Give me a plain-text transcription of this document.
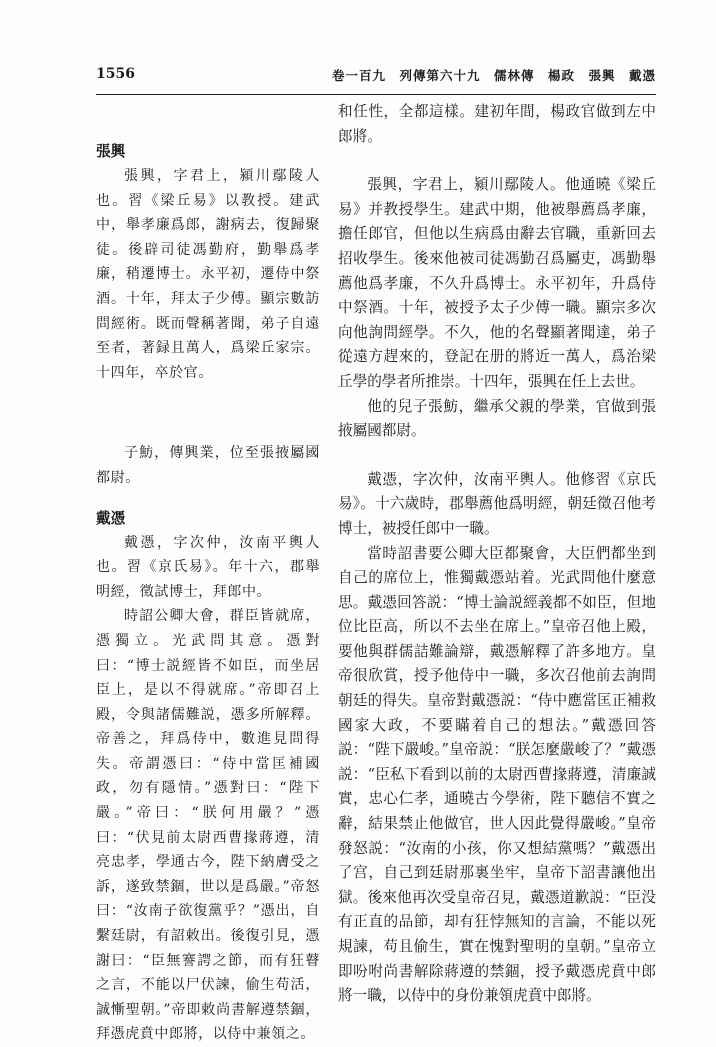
1556	卷一百九　列傳第六十九　儒林傳　楊政　張興　戴憑

張興

張興，字君上，潁川鄢陵人也。習《梁丘易》以教授。建武中，舉孝廉爲郎，謝病去，復歸聚徒。後辟司徒馮勤府，勤舉爲孝廉，稍遷博士。永平初，遷侍中祭酒。十年，拜太子少傅。顯宗數訪問經術。既而聲稱著聞，弟子自遠至者，著録且萬人，爲梁丘家宗。十四年，卒於官。

子魴，傳興業，位至張掖屬國都尉。

戴憑

戴憑，字次仲，汝南平輿人也。習《京氏易》。年十六，郡舉明經，徵試博士，拜郎中。

時詔公卿大會，群臣皆就席，憑獨立。光武問其意。憑對曰：“博士説經皆不如臣，而坐居臣上，是以不得就席。”帝即召上殿，令與諸儒難説，憑多所解釋。帝善之，拜爲侍中，數進見問得失。帝謂憑曰：“侍中當匡補國政，勿有隱情。”憑對曰：“陛下嚴。”帝曰：“朕何用嚴？”憑曰：“伏見前太尉西曹掾蔣遵，清亮忠孝，學通古今，陛下納膚受之訴，遂致禁錮，世以是爲嚴。”帝怒曰：“汝南子欲復黨乎？”憑出，自繫廷尉，有詔敕出。後復引見，憑謝曰：“臣無謇諤之節，而有狂瞽之言，不能以尸伏諫，偷生苟活，誠慚聖朝。”帝即敕尚書解遵禁錮，拜憑虎賁中郎將，以侍中兼領之。

和任性，全都這樣。建初年間，楊政官做到左中郎將。

張興，字君上，潁川鄢陵人。他通曉《梁丘易》并教授學生。建武中期，他被舉薦爲孝廉，擔任郎官，但他以生病爲由辭去官職，重新回去招收學生。後來他被司徒馮勤召爲屬吏，馮勤舉薦他爲孝廉，不久升爲博士。永平初年，升爲侍中祭酒。十年，被授予太子少傅一職。顯宗多次向他詢問經學。不久，他的名聲顯著聞達，弟子從遠方趕來的，登記在册的將近一萬人，爲治梁丘學的學者所推崇。十四年，張興在任上去世。

他的兒子張魴，繼承父親的學業，官做到張掖屬國都尉。

戴憑，字次仲，汝南平輿人。他修習《京氏易》。十六歲時，郡舉薦他爲明經，朝廷徵召他考博士，被授任郎中一職。

當時詔書要公卿大臣都聚會，大臣們都坐到自己的席位上，惟獨戴憑站着。光武問他什麼意思。戴憑回答説：“博士論説經義都不如臣，但地位比臣高，所以不去坐在席上。”皇帝召他上殿，要他與群儒詰難論辯，戴憑解釋了許多地方。皇帝很欣賞，授予他侍中一職，多次召他前去詢問朝廷的得失。皇帝對戴憑説：“侍中應當匡正補救國家大政，不要瞞着自己的想法。”戴憑回答説：“陛下嚴峻。”皇帝説：“朕怎麼嚴峻了？”戴憑説：“臣私下看到以前的太尉西曹掾蔣遵，清廉誠實，忠心仁孝，通曉古今學術，陛下聽信不實之辭，結果禁止他做官，世人因此覺得嚴峻。”皇帝發怒説：“汝南的小孩，你又想結黨嗎？”戴憑出了宫，自己到廷尉那裏坐牢，皇帝下詔書讓他出獄。後來他再次受皇帝召見，戴憑道歉説：“臣没有正直的品節，却有狂悖無知的言論，不能以死規諫，苟且偷生，實在愧對聖明的皇朝。”皇帝立即吩咐尚書解除蔣遵的禁錮，授予戴憑虎賁中郎將一職，以侍中的身份兼領虎賁中郎將。
